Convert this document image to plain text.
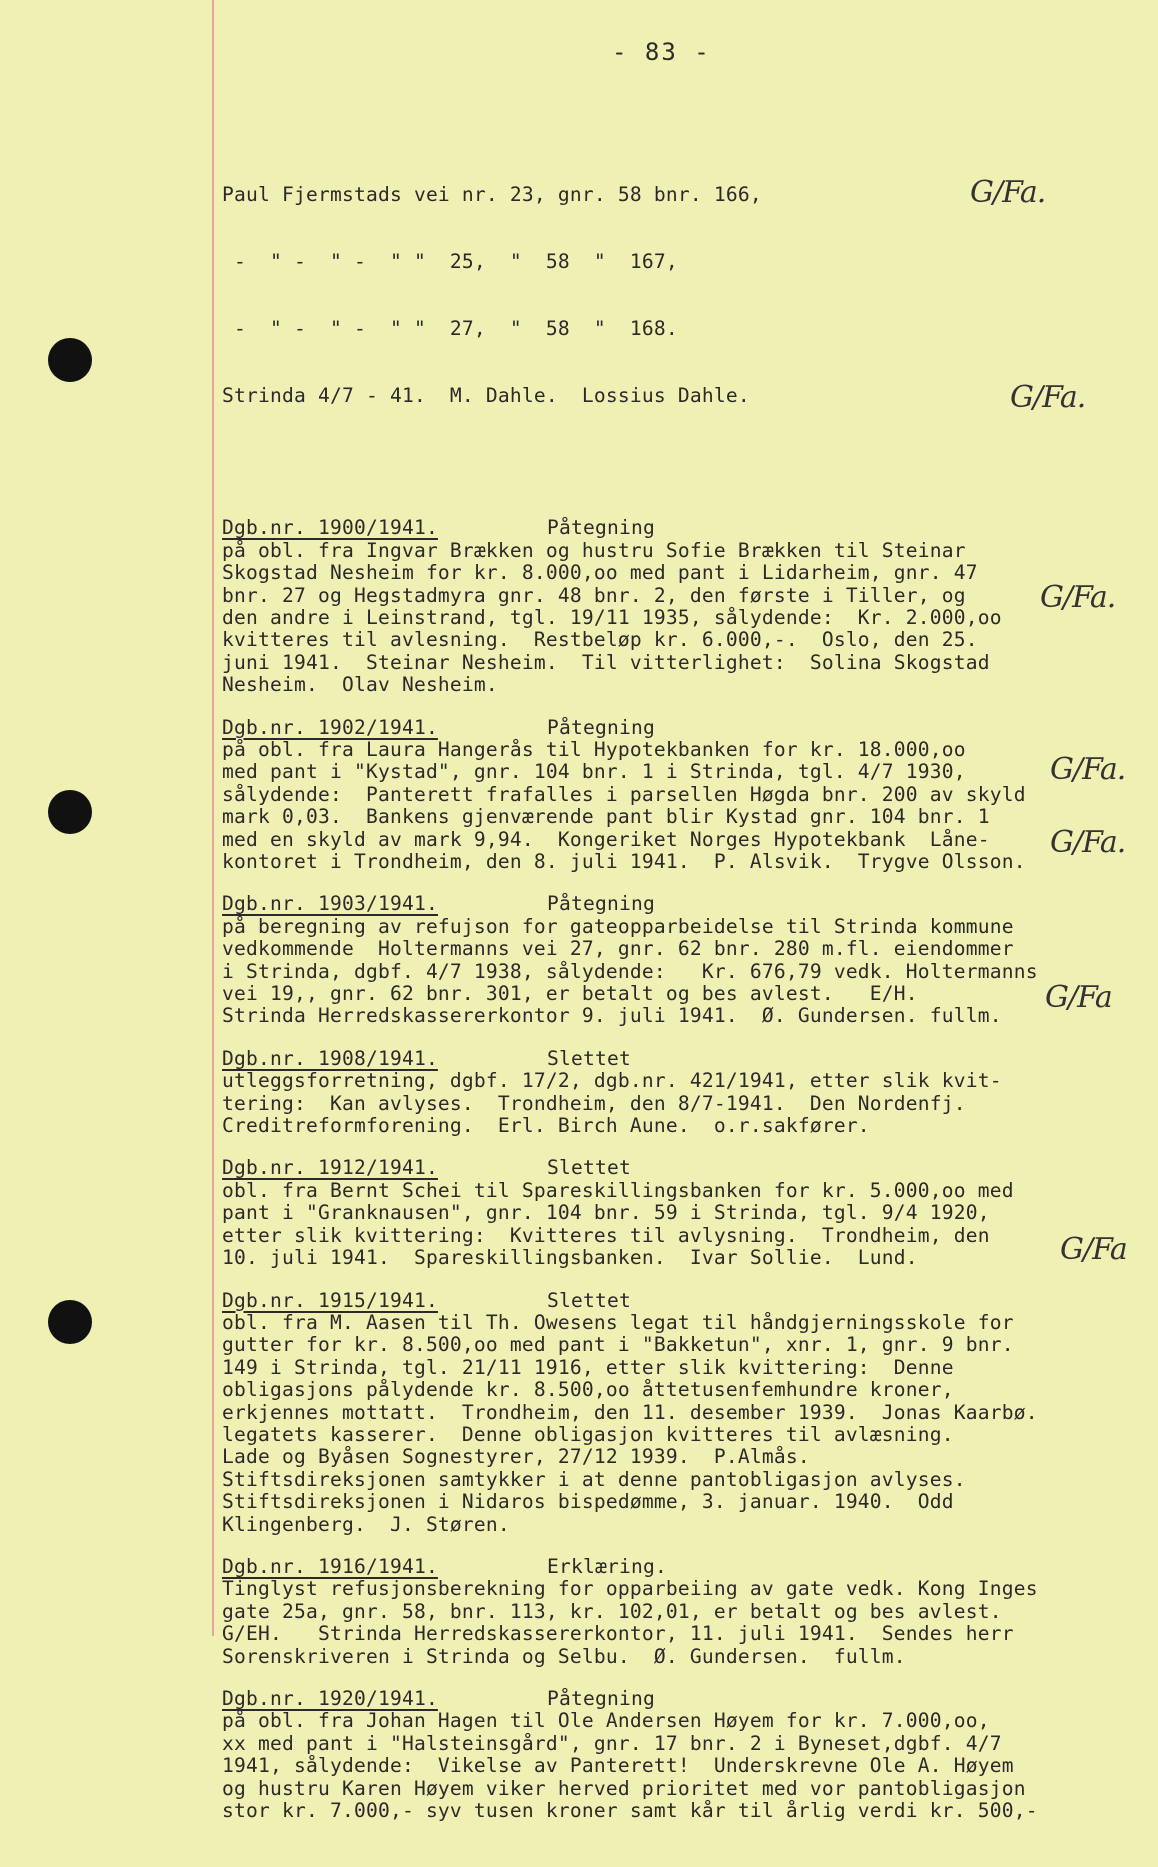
- 83 -

Paul Fjermstads vei nr. 23, gnr. 58 bnr. 166,

-  " -  " -  " "  25,  "  58  "  167,

-  " -  " -  " "  27,  "  58  "  168.

Strinda 4/7 - 41.  M. Dahle.  Lossius Dahle.

Dgb.nr. 1900/1941.	Påtegning
på obl. fra Ingvar Brækken og hustru Sofie Brækken til Steinar
Skogstad Nesheim for kr. 8.000,oo med pant i Lidarheim, gnr. 47
bnr. 27 og Hegstadmyra gnr. 48 bnr. 2, den første i Tiller, og
den andre i Leinstrand, tgl. 19/11 1935, sålydende:  Kr. 2.000,oo
kvitteres til avlesning.  Restbeløp kr. 6.000,-.  Oslo, den 25.
juni 1941.  Steinar Nesheim.  Til vitterlighet:  Solina Skogstad
Nesheim.  Olav Nesheim.
Dgb.nr. 1902/1941.	Påtegning
på obl. fra Laura Hangerås til Hypotekbanken for kr. 18.000,oo
med pant i "Kystad", gnr. 104 bnr. 1 i Strinda, tgl. 4/7 1930,
sålydende:  Panterett frafalles i parsellen Høgda bnr. 200 av skyld
mark 0,03.  Bankens gjenværende pant blir Kystad gnr. 104 bnr. 1
med en skyld av mark 9,94.  Kongeriket Norges Hypotekbank  Låne-
kontoret i Trondheim, den 8. juli 1941.  P. Alsvik.  Trygve Olsson.
Dgb.nr. 1903/1941.	Påtegning
på beregning av refujson for gateopparbeidelse til Strinda kommune
vedkommende  Holtermanns vei 27, gnr. 62 bnr. 280 m.fl. eiendommer
i Strinda, dgbf. 4/7 1938, sålydende:   Kr. 676,79 vedk. Holtermanns
vei 19,, gnr. 62 bnr. 301, er betalt og bes avlest.   E/H.
Strinda Herredskassererkontor 9. juli 1941.  Ø. Gundersen. fullm.
Dgb.nr. 1908/1941.	Slettet
utleggsforretning, dgbf. 17/2, dgb.nr. 421/1941, etter slik kvit-
tering:  Kan avlyses.  Trondheim, den 8/7-1941.  Den Nordenfj.
Creditreformforening.  Erl. Birch Aune.  o.r.sakfører.
Dgb.nr. 1912/1941.	Slettet
obl. fra Bernt Schei til Spareskillingsbanken for kr. 5.000,oo med
pant i "Granknausen", gnr. 104 bnr. 59 i Strinda, tgl. 9/4 1920,
etter slik kvittering:  Kvitteres til avlysning.  Trondheim, den
10. juli 1941.  Spareskillingsbanken.  Ivar Sollie.  Lund.
Dgb.nr. 1915/1941.	Slettet
obl. fra M. Aasen til Th. Owesens legat til håndgjerningsskole for
gutter for kr. 8.500,oo med pant i "Bakketun", xnr. 1, gnr. 9 bnr.
149 i Strinda, tgl. 21/11 1916, etter slik kvittering:  Denne
obligasjons pålydende kr. 8.500,oo åttetusenfemhundre kroner,
erkjennes mottatt.  Trondheim, den 11. desember 1939.  Jonas Kaarbø.
legatets kasserer.  Denne obligasjon kvitteres til avlæsning.
Lade og Byåsen Sognestyrer, 27/12 1939.  P.Almås.
Stiftsdireksjonen samtykker i at denne pantobligasjon avlyses.
Stiftsdireksjonen i Nidaros bispedømme, 3. januar. 1940.  Odd
Klingenberg.  J. Støren.
Dgb.nr. 1916/1941.	Erklæring.
Tinglyst refusjonsberekning for opparbeiing av gate vedk. Kong Inges
gate 25a, gnr. 58, bnr. 113, kr. 102,01, er betalt og bes avlest.
G/EH.   Strinda Herredskassererkontor, 11. juli 1941.  Sendes herr
Sorenskriveren i Strinda og Selbu.  Ø. Gundersen.  fullm.
Dgb.nr. 1920/1941.	Påtegning
på obl. fra Johan Hagen til Ole Andersen Høyem for kr. 7.000,oo,
xx med pant i "Halsteinsgård", gnr. 17 bnr. 2 i Byneset,dgbf. 4/7
1941, sålydende:  Vikelse av Panterett!  Underskrevne Ole A. Høyem
og hustru Karen Høyem viker herved prioritet med vor pantobligasjon
stor kr. 7.000,- syv tusen kroner samt kår til årlig verdi kr. 500,-

G/Fa.
G/Fa.
G/Fa.
G/Fa.
G/Fa.
G/Fa
G/Fa
